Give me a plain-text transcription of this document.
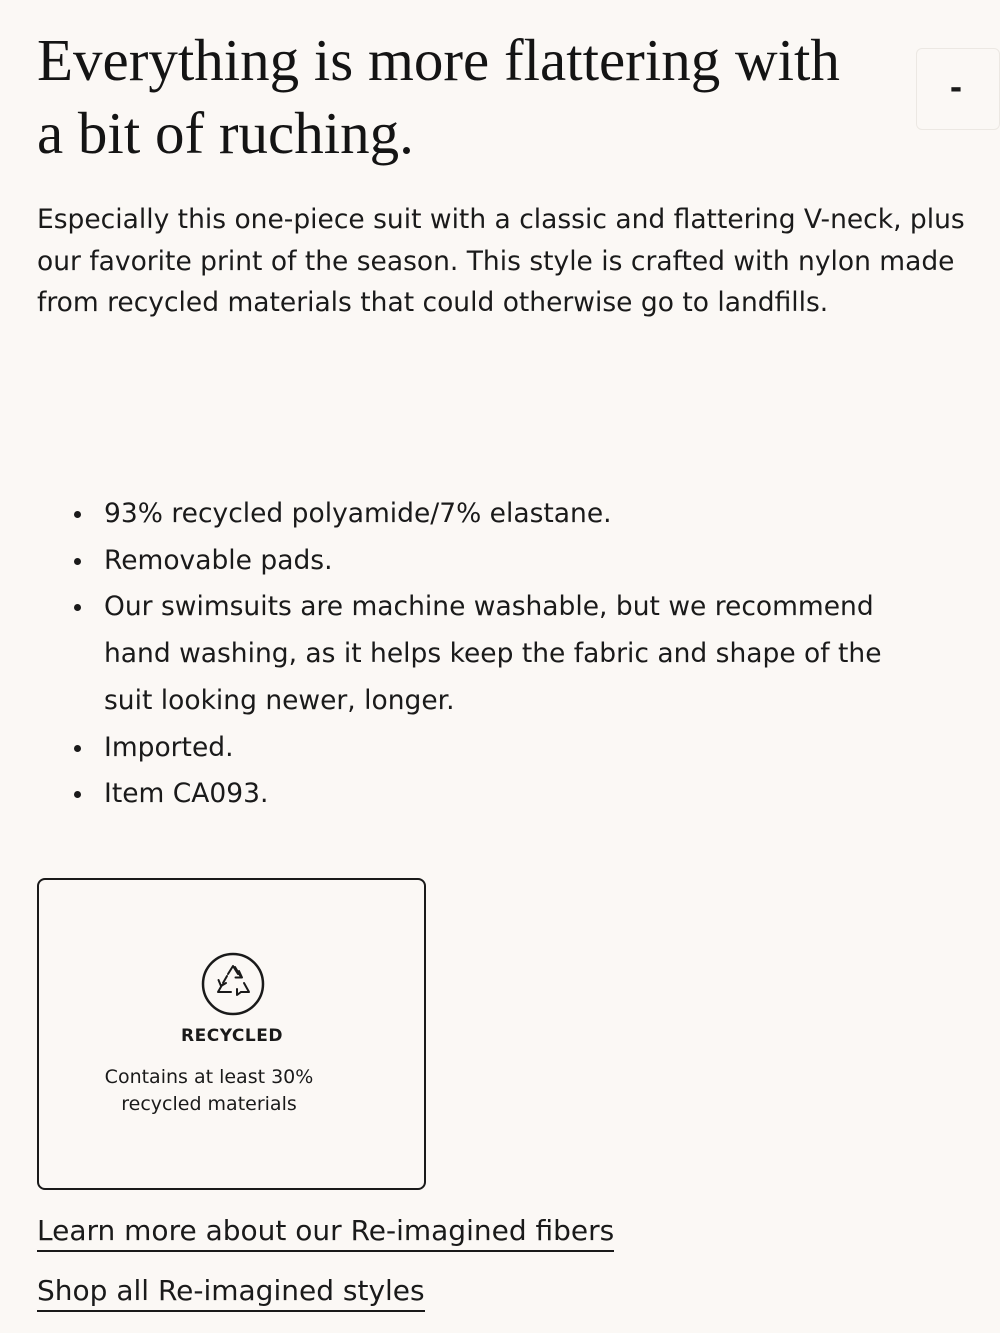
Everything is more flattering with a bit of ruching.
-

Especially this one-piece suit with a classic and flattering V-neck, plus our favorite print of the season. This style is crafted with nylon made from recycled materials that could otherwise go to landfills.

93% recycled polyamide/7% elastane.
Removable pads.
Our swimsuits are machine washable, but we recommend hand washing, as it helps keep the fabric and shape of the suit looking newer, longer.
Imported.
Item CA093.
RECYCLED
Contains at least 30% recycled materials
Learn more about our Re-imagined fibers
Shop all Re-imagined styles
